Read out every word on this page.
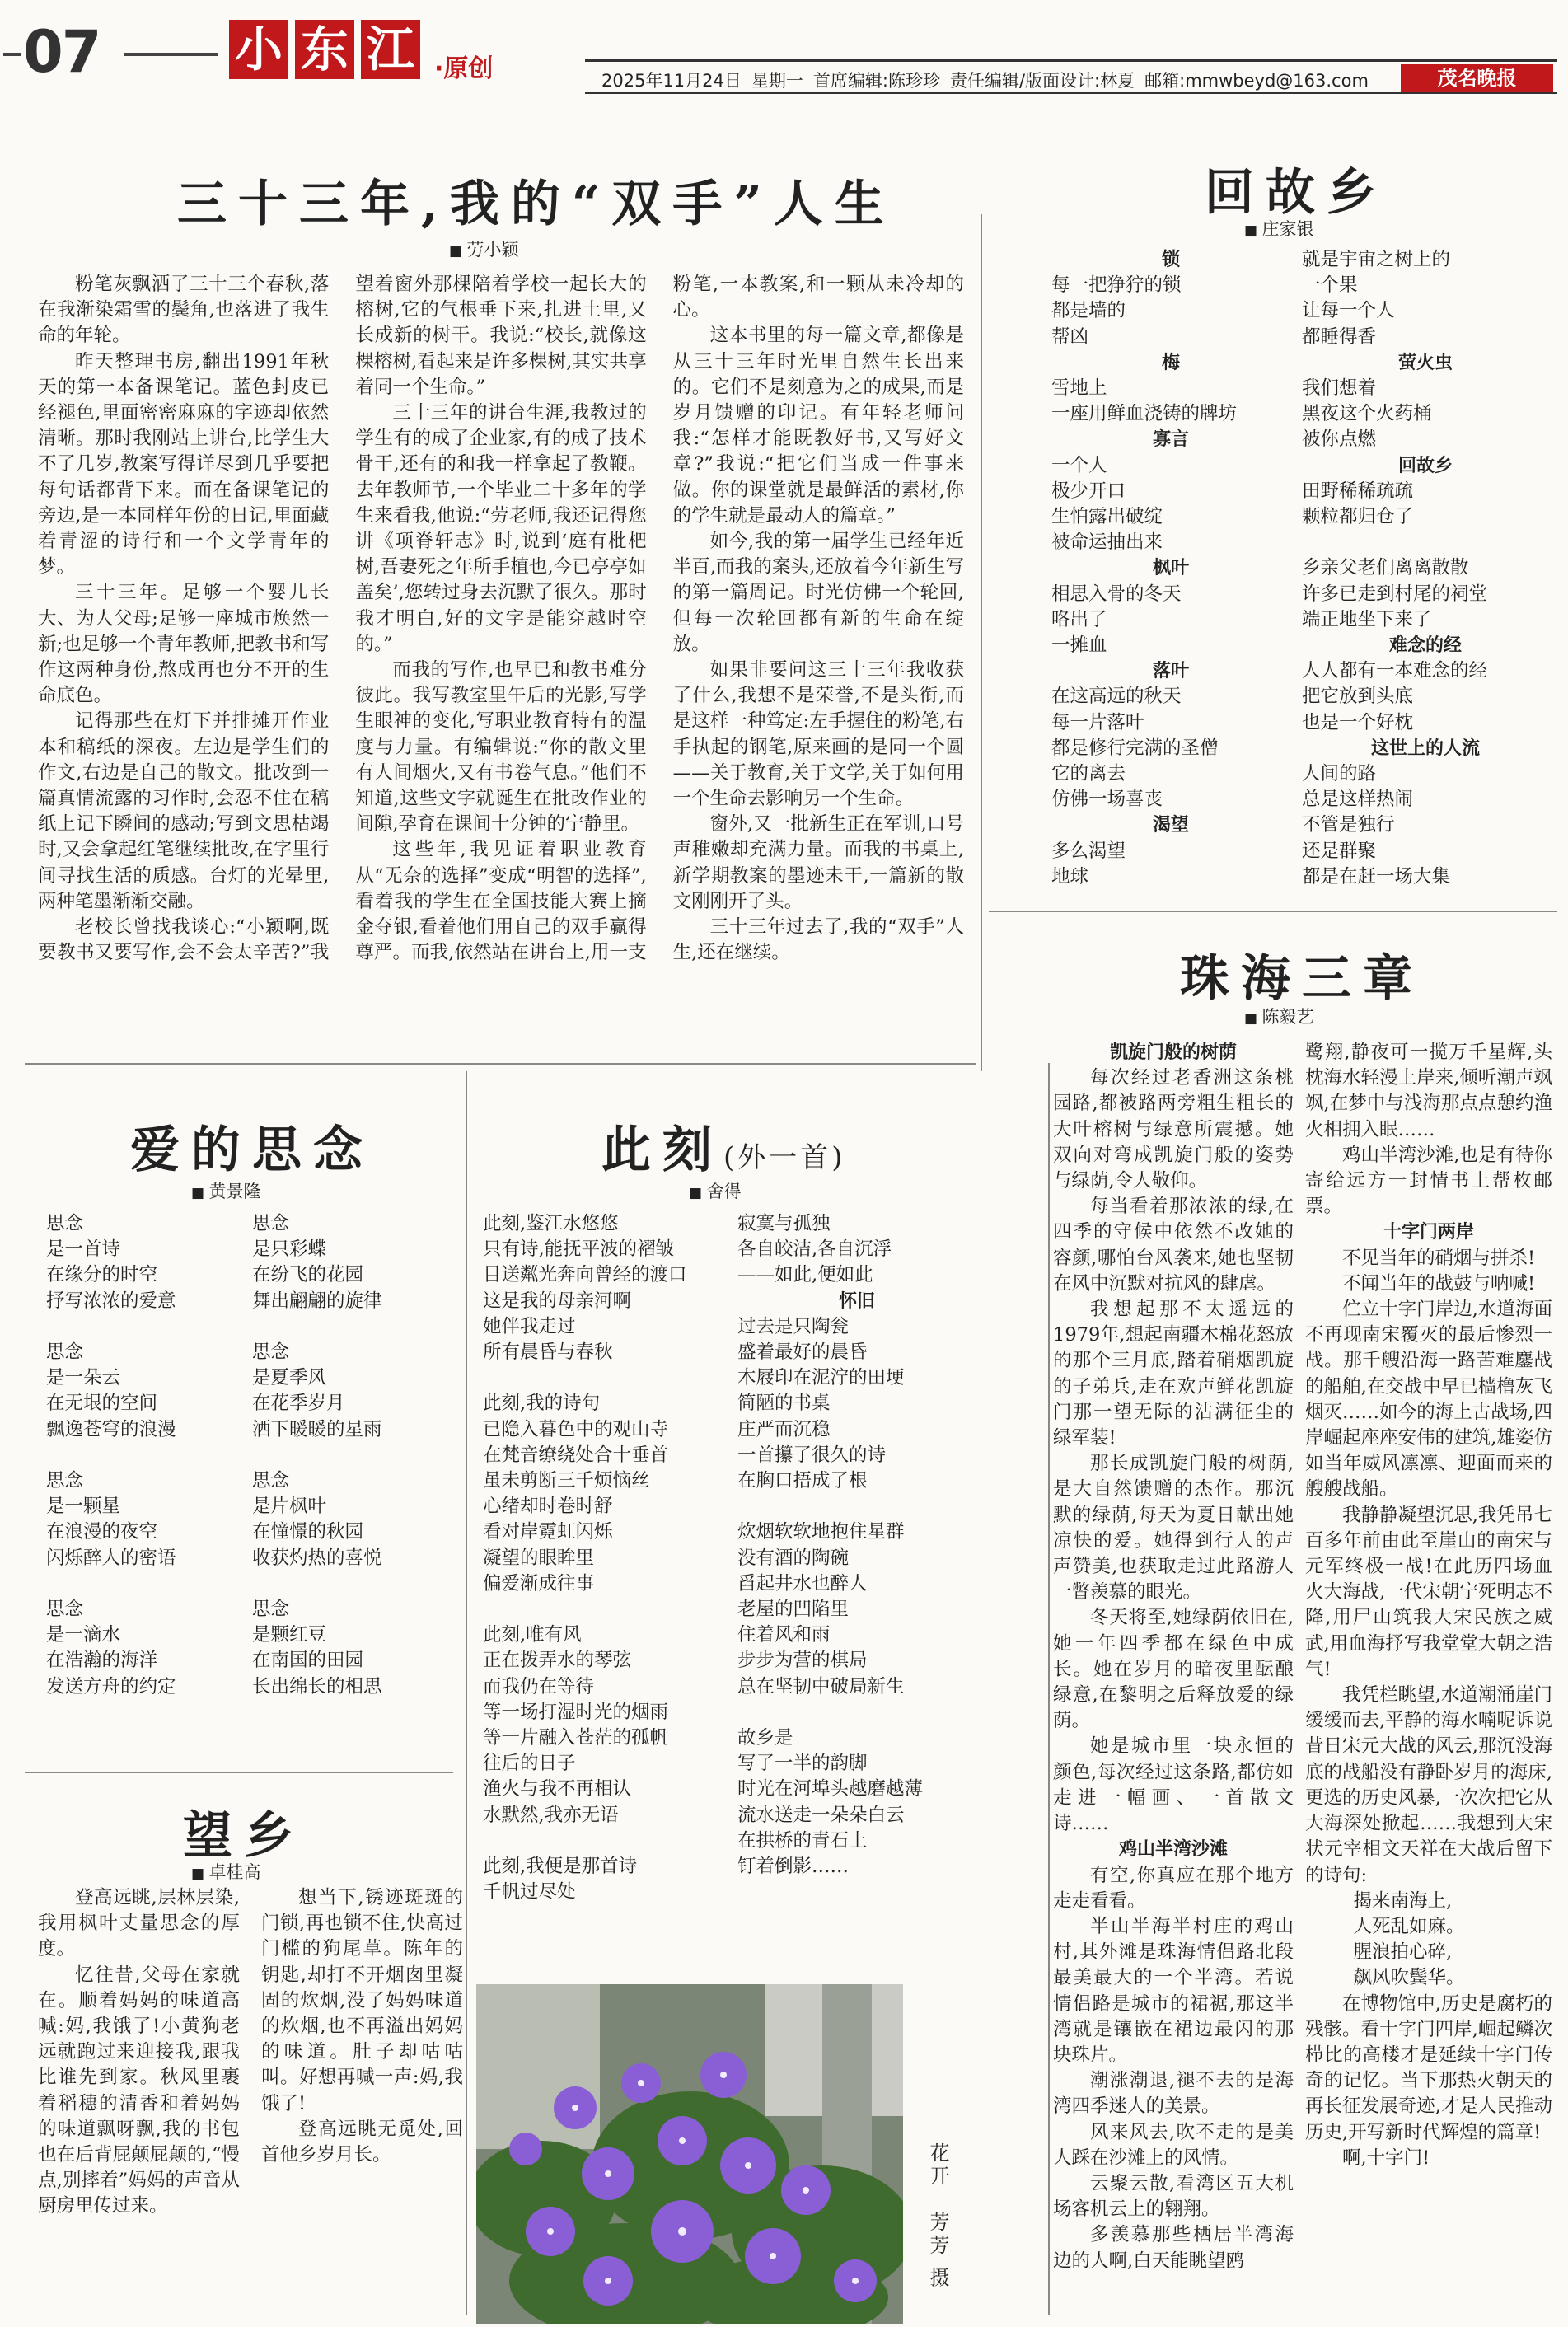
07	小 东 江 ·原创	2025年11月24日 星期一 首席编辑:陈珍珍 责任编辑/版面设计:林夏 邮箱:mmwbeyd@163.com	茂名晚报
三十三年,我的“双手”人生
■ 劳小颖

粉笔灰飘洒了三十三个春秋,落在我渐染霜雪的鬓角,也落进了我生命的年轮。

昨天整理书房,翻出1991年秋天的第一本备课笔记。蓝色封皮已经褪色,里面密密麻麻的字迹却依然清晰。那时我刚站上讲台,比学生大不了几岁,教案写得详尽到几乎要把每句话都背下来。而在备课笔记的旁边,是一本同样年份的日记,里面藏着青涩的诗行和一个文学青年的梦。

三十三年。足够一个婴儿长大、为人父母;足够一座城市焕然一新;也足够一个青年教师,把教书和写作这两种身份,熬成再也分不开的生命底色。

记得那些在灯下并排摊开作业本和稿纸的深夜。左边是学生们的作文,右边是自己的散文。批改到一篇真情流露的习作时,会忍不住在稿纸上记下瞬间的感动;写到文思枯竭时,又会拿起红笔继续批改,在字里行间寻找生活的质感。台灯的光晕里,两种笔墨渐渐交融。

老校长曾找我谈心:“小颖啊,既要教书又要写作,会不会太辛苦?”我望着窗外那棵陪着学校一起长大的榕树,它的气根垂下来,扎进土里,又长成新的树干。我说:“校长,就像这棵榕树,看起来是许多棵树,其实共享着同一个生命。”

三十三年的讲台生涯,我教过的学生有的成了企业家,有的成了技术骨干,还有的和我一样拿起了教鞭。去年教师节,一个毕业二十多年的学生来看我,他说:“劳老师,我还记得您讲《项脊轩志》时,说到‘庭有枇杷树,吾妻死之年所手植也,今已亭亭如盖矣’,您转过身去沉默了很久。那时我才明白,好的文字是能穿越时空的。”

而我的写作,也早已和教书难分彼此。我写教室里午后的光影,写学生眼神的变化,写职业教育特有的温度与力量。有编辑说:“你的散文里有人间烟火,又有书卷气息。”他们不知道,这些文字就诞生在批改作业的间隙,孕育在课间十分钟的宁静里。

这些年,我见证着职业教育从“无奈的选择”变成“明智的选择”,看着我的学生在全国技能大赛上摘金夺银,看着他们用自己的双手赢得尊严。而我,依然站在讲台上,用一支粉笔,一本教案,和一颗从未冷却的心。

这本书里的每一篇文章,都像是从三十三年时光里自然生长出来的。它们不是刻意为之的成果,而是岁月馈赠的印记。有年轻老师问我:“怎样才能既教好书,又写好文章?”我说:“把它们当成一件事来做。你的课堂就是最鲜活的素材,你的学生就是最动人的篇章。”

如今,我的第一届学生已经年近半百,而我的案头,还放着今年新生写的第一篇周记。时光仿佛一个轮回,但每一次轮回都有新的生命在绽放。

如果非要问这三十三年我收获了什么,我想不是荣誉,不是头衔,而是这样一种笃定:左手握住的粉笔,右手执起的钢笔,原来画的是同一个圆——关于教育,关于文学,关于如何用一个生命去影响另一个生命。

窗外,又一批新生正在军训,口号声稚嫩却充满力量。而我的书桌上,新学期教案的墨迹未干,一篇新的散文刚刚开了头。

三十三年过去了,我的“双手”人生,还在继续。

回故乡
■ 庄家银
锁
每一把狰狞的锁
都是墙的
帮凶
梅
雪地上
一座用鲜血浇铸的牌坊
寡言
一个人
极少开口
生怕露出破绽
被命运抽出来
枫叶
相思入骨的冬天
咯出了
一摊血
落叶
在这高远的秋天
每一片落叶
都是修行完满的圣僧
它的离去
仿佛一场喜丧
渴望
多么渴望
地球
就是宇宙之树上的
一个果
让每一个人
都睡得香
萤火虫
我们想着
黑夜这个火药桶
被你点燃
回故乡
田野稀稀疏疏
颗粒都归仓了
乡亲父老们离离散散
许多已走到村尾的祠堂
端正地坐下来了
难念的经
人人都有一本难念的经
把它放到头底
也是一个好枕
这世上的人流
人间的路
总是这样热闹
不管是独行
还是群聚
都是在赶一场大集
珠海三章
■ 陈毅艺
凯旋门般的树荫

每次经过老香洲这条桃园路,都被路两旁粗生粗长的大叶榕树与绿意所震撼。她双向对弯成凯旋门般的姿势与绿荫,令人敬仰。

每当看着那浓浓的绿,在四季的守候中依然不改她的容颜,哪怕台风袭来,她也坚韧在风中沉默对抗风的肆虐。

我想起那不太遥远的1979年,想起南疆木棉花怒放的那个三月底,踏着硝烟凯旋的子弟兵,走在欢声鲜花凯旋门那一望无际的沾满征尘的绿军装!

那长成凯旋门般的树荫,是大自然馈赠的杰作。那沉默的绿荫,每天为夏日献出她凉快的爱。她得到行人的声声赞美,也获取走过此路游人一瞥羡慕的眼光。

冬天将至,她绿荫依旧在,她一年四季都在绿色中成长。她在岁月的暗夜里酝酿绿意,在黎明之后释放爱的绿荫。

她是城市里一块永恒的颜色,每次经过这条路,都仿如走进一幅画、一首散文诗……

鸡山半湾沙滩

有空,你真应在那个地方走走看看。

半山半海半村庄的鸡山村,其外滩是珠海情侣路北段最美最大的一个半湾。若说情侣路是城市的裙裾,那这半湾就是镶嵌在裙边最闪的那块珠片。

潮涨潮退,褪不去的是海湾四季迷人的美景。

风来风去,吹不走的是美人踩在沙滩上的风情。

云聚云散,看湾区五大机场客机云上的翱翔。

多羡慕那些栖居半湾海边的人啊,白天能眺望鸥

鹭翔,静夜可一揽万千星辉,头枕海水轻漫上岸来,倾听潮声飒飒,在梦中与浅海那点点憩约渔火相拥入眠……

鸡山半湾沙滩,也是有待你寄给远方一封情书上帮枚邮票。

十字门两岸

不见当年的硝烟与拼杀!

不闻当年的战鼓与呐喊!

伫立十字门岸边,水道海面不再现南宋覆灭的最后惨烈一战。那千艘沿海一路苦难鏖战的船舶,在交战中早已樯橹灰飞烟灭……如今的海上古战场,四岸崛起座座安伟的建筑,雄姿仿如当年威风凛凛、迎面而来的艘艘战船。

我静静凝望沉思,我凭吊七百多年前由此至崖山的南宋与元军终极一战!在此历四场血火大海战,一代宋朝宁死明志不降,用尸山筑我大宋民族之威武,用血海抒写我堂堂大朝之浩气!

我凭栏眺望,水道潮涌崖门缓缓而去,平静的海水喃呢诉说昔日宋元大战的风云,那沉没海底的战船没有静卧岁月的海床,更选的历史风暴,一次次把它从大海深处掀起……我想到大宋状元宰相文天祥在大战后留下的诗句:

揭来南海上,

人死乱如麻。

腥浪拍心碎,

飙风吹鬓华。

在博物馆中,历史是腐朽的残骸。看十字门四岸,崛起鳞次栉比的高楼才是延续十字门传奇的记忆。当下那热火朝天的再长征发展奇迹,才是人民推动历史,开写新时代辉煌的篇章!

啊,十字门!

爱的思念
■ 黄景隆
思念
是一首诗
在缘分的时空
抒写浓浓的爱意
思念
是一朵云
在无垠的空间
飘逸苍穹的浪漫
思念
是一颗星
在浪漫的夜空
闪烁醉人的密语
思念
是一滴水
在浩瀚的海洋
发送方舟的约定
思念
是只彩蝶
在纷飞的花园
舞出翩翩的旋律
思念
是夏季风
在花季岁月
洒下暖暖的星雨
思念
是片枫叶
在憧憬的秋园
收获灼热的喜悦
思念
是颗红豆
在南国的田园
长出绵长的相思
此刻(外一首)
■ 舍得
此刻,鉴江水悠悠
只有诗,能抚平波的褶皱
目送粼光奔向曾经的渡口
这是我的母亲河啊
她伴我走过
所有晨昏与春秋
此刻,我的诗句
已隐入暮色中的观山寺
在梵音缭绕处合十垂首
虽未剪断三千烦恼丝
心绪却时卷时舒
看对岸霓虹闪烁
凝望的眼眸里
偏爱渐成往事
此刻,唯有风
正在拨弄水的琴弦
而我仍在等待
等一场打湿时光的烟雨
等一片融入苍茫的孤帆
往后的日子
渔火与我不再相认
水默然,我亦无语
此刻,我便是那首诗
千帆过尽处
寂寞与孤独
各自皎洁,各自沉浮
——如此,便如此
怀旧
过去是只陶瓮
盛着最好的晨昏
木屐印在泥泞的田埂
简陋的书桌
庄严而沉稳
一首攥了很久的诗
在胸口捂成了根
炊烟软软地抱住星群
没有酒的陶碗
舀起井水也醉人
老屋的凹陷里
住着风和雨
步步为营的棋局
总在坚韧中破局新生
故乡是
写了一半的韵脚
时光在河埠头越磨越薄
流水送走一朵朵白云
在拱桥的青石上
钉着倒影……
望乡
■ 卓桂高

登高远眺,层林层染,我用枫叶丈量思念的厚度。

忆往昔,父母在家就在。顺着妈妈的味道高喊:妈,我饿了!小黄狗老远就跑过来迎接我,跟我比谁先到家。秋风里裹着稻穗的清香和着妈妈的味道飘呀飘,我的书包也在后背屁颠屁颠的,“慢点,别摔着”妈妈的声音从厨房里传过来。

想当下,锈迹斑斑的门锁,再也锁不住,快高过门槛的狗尾草。陈年的钥匙,却打不开烟囱里凝固的炊烟,没了妈妈味道的炊烟,也不再溢出妈妈的味道。肚子却咕咕叫。好想再喊一声:妈,我饿了!

登高远眺无觅处,回首他乡岁月长。	花开　芳芳 摄
